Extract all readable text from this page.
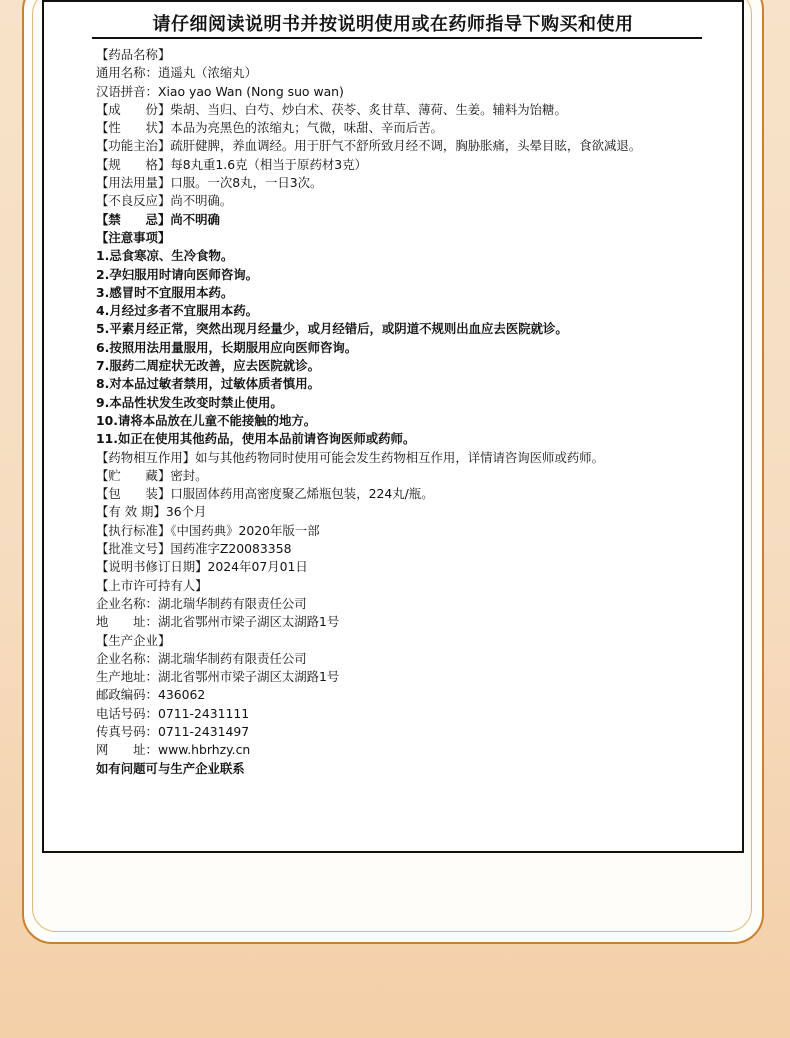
请仔细阅读说明书并按说明使用或在药师指导下购买和使用
【药品名称】
通用名称：逍遥丸（浓缩丸）
汉语拼音：Xiao yao Wan (Nong suo wan)
【成　　份】柴胡、当归、白芍、炒白术、茯苓、炙甘草、薄荷、生姜。辅料为饴糖。
【性　　状】本品为亮黑色的浓缩丸；气微，味甜、辛而后苦。
【功能主治】疏肝健脾，养血调经。用于肝气不舒所致月经不调，胸胁胀痛，头晕目眩，食欲减退。
【规　　格】每8丸重1.6克（相当于原药材3克）
【用法用量】口服。一次8丸，一日3次。
【不良反应】尚不明确。
【禁　　忌】尚不明确
【注意事项】
1.忌食寒凉、生冷食物。
2.孕妇服用时请向医师咨询。
3.感冒时不宜服用本药。
4.月经过多者不宜服用本药。
5.平素月经正常，突然出现月经量少，或月经错后，或阴道不规则出血应去医院就诊。
6.按照用法用量服用，长期服用应向医师咨询。
7.服药二周症状无改善，应去医院就诊。
8.对本品过敏者禁用，过敏体质者慎用。
9.本品性状发生改变时禁止使用。
10.请将本品放在儿童不能接触的地方。
11.如正在使用其他药品，使用本品前请咨询医师或药师。
【药物相互作用】如与其他药物同时使用可能会发生药物相互作用，详情请咨询医师或药师。
【贮　　藏】密封。
【包　　装】口服固体药用高密度聚乙烯瓶包装，224丸/瓶。
【有 效 期】36个月
【执行标准】《中国药典》2020年版一部
【批准文号】国药准字Z20083358
【说明书修订日期】2024年07月01日
【上市许可持有人】
企业名称：湖北瑞华制药有限责任公司
地　　址：湖北省鄂州市梁子湖区太湖路1号
【生产企业】
企业名称：湖北瑞华制药有限责任公司
生产地址：湖北省鄂州市梁子湖区太湖路1号
邮政编码：436062
电话号码：0711-2431111
传真号码：0711-2431497
网　　址：www.hbrhzy.cn
如有问题可与生产企业联系
